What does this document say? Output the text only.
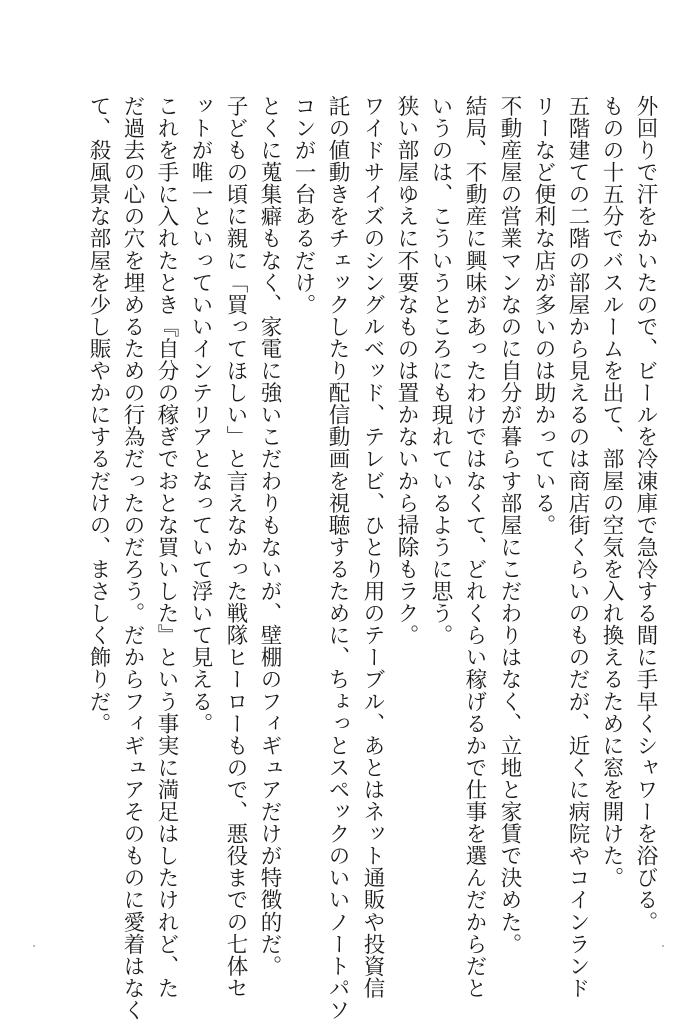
外回りで汗をかいたので、ビールを冷凍庫で急冷する間に手早くシャワーを浴びる。
ものの十五分でバスルームを出て、部屋の空気を入れ換えるために窓を開けた。
五階建ての二階の部屋から見えるのは商店街くらいのものだが、近くに病院やコインランド
リーなど便利な店が多いのは助かっている。
不動産屋の営業マンなのに自分が暮らす部屋にこだわりはなく、立地と家賃で決めた。
結局、不動産に興味があったわけではなくて、どれくらい稼げるかで仕事を選んだからだと
いうのは、こういうところにも現れているように思う。
狭い部屋ゆえに不要なものは置かないから掃除もラク。
ワイドサイズのシングルベッド、テレビ、ひとり用のテーブル、あとはネット通販や投資信
託の値動きをチェックしたり配信動画を視聴するために、ちょっとスペックのいいノートパソ
コンが一台あるだけ。
とくに蒐集癖もなく、家電に強いこだわりもないが、壁棚のフィギュアだけが特徴的だ。
子どもの頃に親に「買ってほしい」と言えなかった戦隊ヒーローもので、悪役までの七体セ
ットが唯一といっていいインテリアとなっていて浮いて見える。
これを手に入れたとき『自分の稼ぎでおとな買いした』という事実に満足はしたけれど、た
だ過去の心の穴を埋めるための行為だったのだろう。だからフィギュアそのものに愛着はなく
て、殺風景な部屋を少し賑やかにするだけの、まさしく飾りだ。
